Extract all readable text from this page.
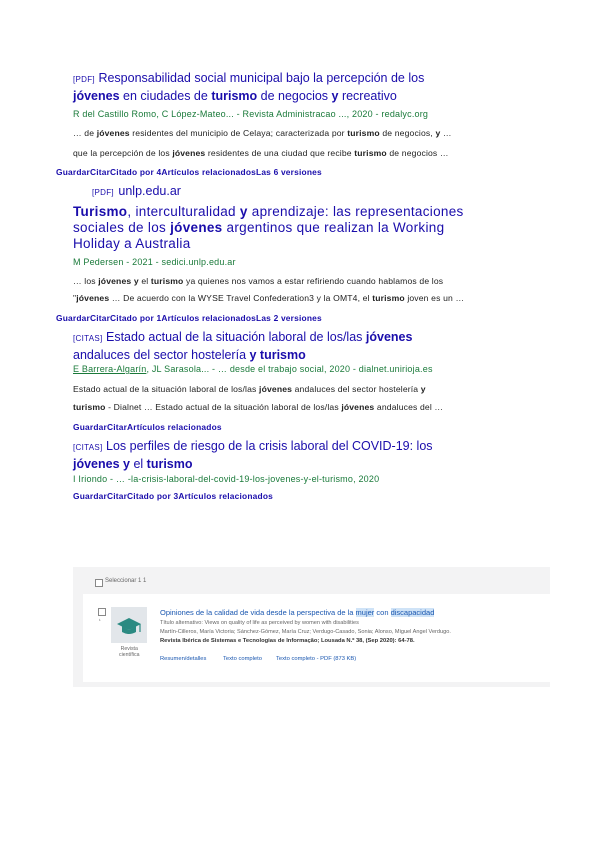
[PDF] Responsabilidad social municipal bajo la percepción de los
jóvenes en ciudades de turismo de negocios y recreativo
R del Castillo Romo, C López-Mateo... - Revista Administracao ..., 2020 - redalyc.org
… de jóvenes residentes del municipio de Celaya; caracterizada por turismo de negocios, y …
que la percepción de los jóvenes residentes de una ciudad que recibe turismo de negocios …
GuardarCitarCitado por 4Artículos relacionadosLas 6 versiones
[PDF] unlp.edu.ar
Turismo, interculturalidad y aprendizaje: las representaciones
sociales de los jóvenes argentinos que realizan la Working
Holiday a Australia
M Pedersen - 2021 - sedici.unlp.edu.ar
… los jóvenes y el turismo ya quienes nos vamos a estar refiriendo cuando hablamos de los
"jóvenes … De acuerdo con la WYSE Travel Confederation3 y la OMT4, el turismo joven es un …
GuardarCitarCitado por 1Artículos relacionadosLas 2 versiones
[CITAS] Estado actual de la situación laboral de los/las jóvenes
andaluces del sector hostelería y turismo
E Barrera-Algarín, JL Sarasola... - … desde el trabajo social, 2020 - dialnet.unirioja.es
Estado actual de la situación laboral de los/las jóvenes andaluces del sector hostelería y
turismo - Dialnet … Estado actual de la situación laboral de los/las jóvenes andaluces del …
GuardarCitarArtículos relacionados
[CITAS] Los perfiles de riesgo de la crisis laboral del COVID-19: los
jóvenes y el turismo
I Iriondo - … -la-crisis-laboral-del-covid-19-los-jovenes-y-el-turismo, 2020
GuardarCitarCitado por 3Artículos relacionados
Seleccionar 1 1
¹
Revista
científica
Opiniones de la calidad de vida desde la perspectiva de la mujer con discapacidad
Título alternativo: Views on quality of life as perceived by women with disabilities
Martín-Cilleros, María Victoria; Sánchez-Gómez, María Cruz; Verdugo-Casado, Sonia; Alonso, Miguel Angel Verdugo.
Revista Ibérica de Sistemas e Tecnologias de Informação; Lousada N.º 38, (Sep 2020): 64-78.
Resumen/detalles	Texto completo Texto completo - PDF (873 KB)
